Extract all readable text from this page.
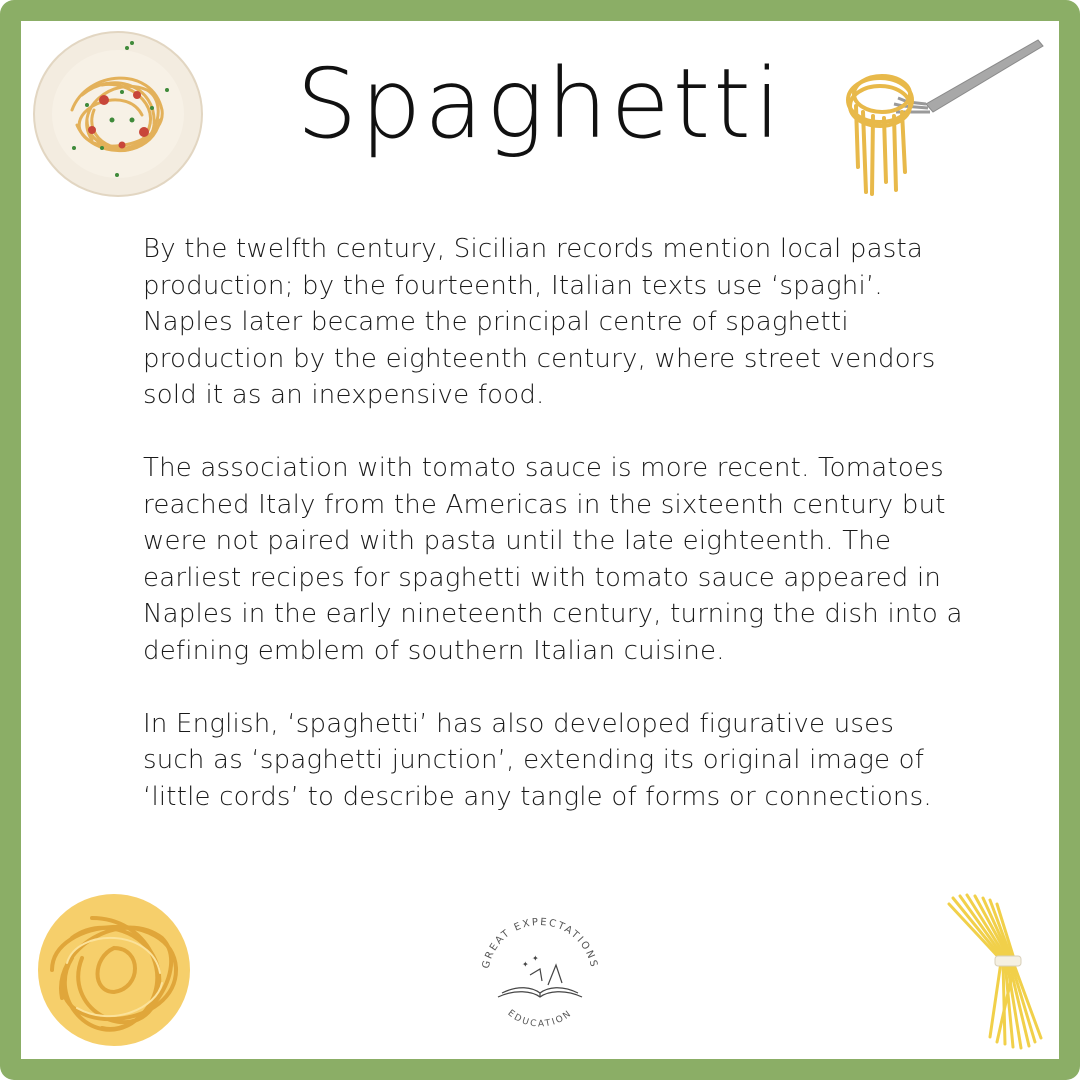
Spaghetti

By the twelfth century, Sicilian records mention local pasta production; by the fourteenth, Italian texts use ‘spaghi’. Naples later became the principal centre of spaghetti production by the eighteenth century, where street vendors sold it as an inexpensive food.

The association with tomato sauce is more recent. Tomatoes reached Italy from the Americas in the sixteenth century but were not paired with pasta until the late eighteenth. The earliest recipes for spaghetti with tomato sauce appeared in Naples in the early nineteenth century, turning the dish into a defining emblem of southern Italian cuisine.

In English, ‘spaghetti’ has also developed figurative uses such as ‘spaghetti junction’, extending its original image of ‘little cords’ to describe any tangle of forms or connections.

GREAT EXPECTATIONS
EDUCATION
✦
✦
